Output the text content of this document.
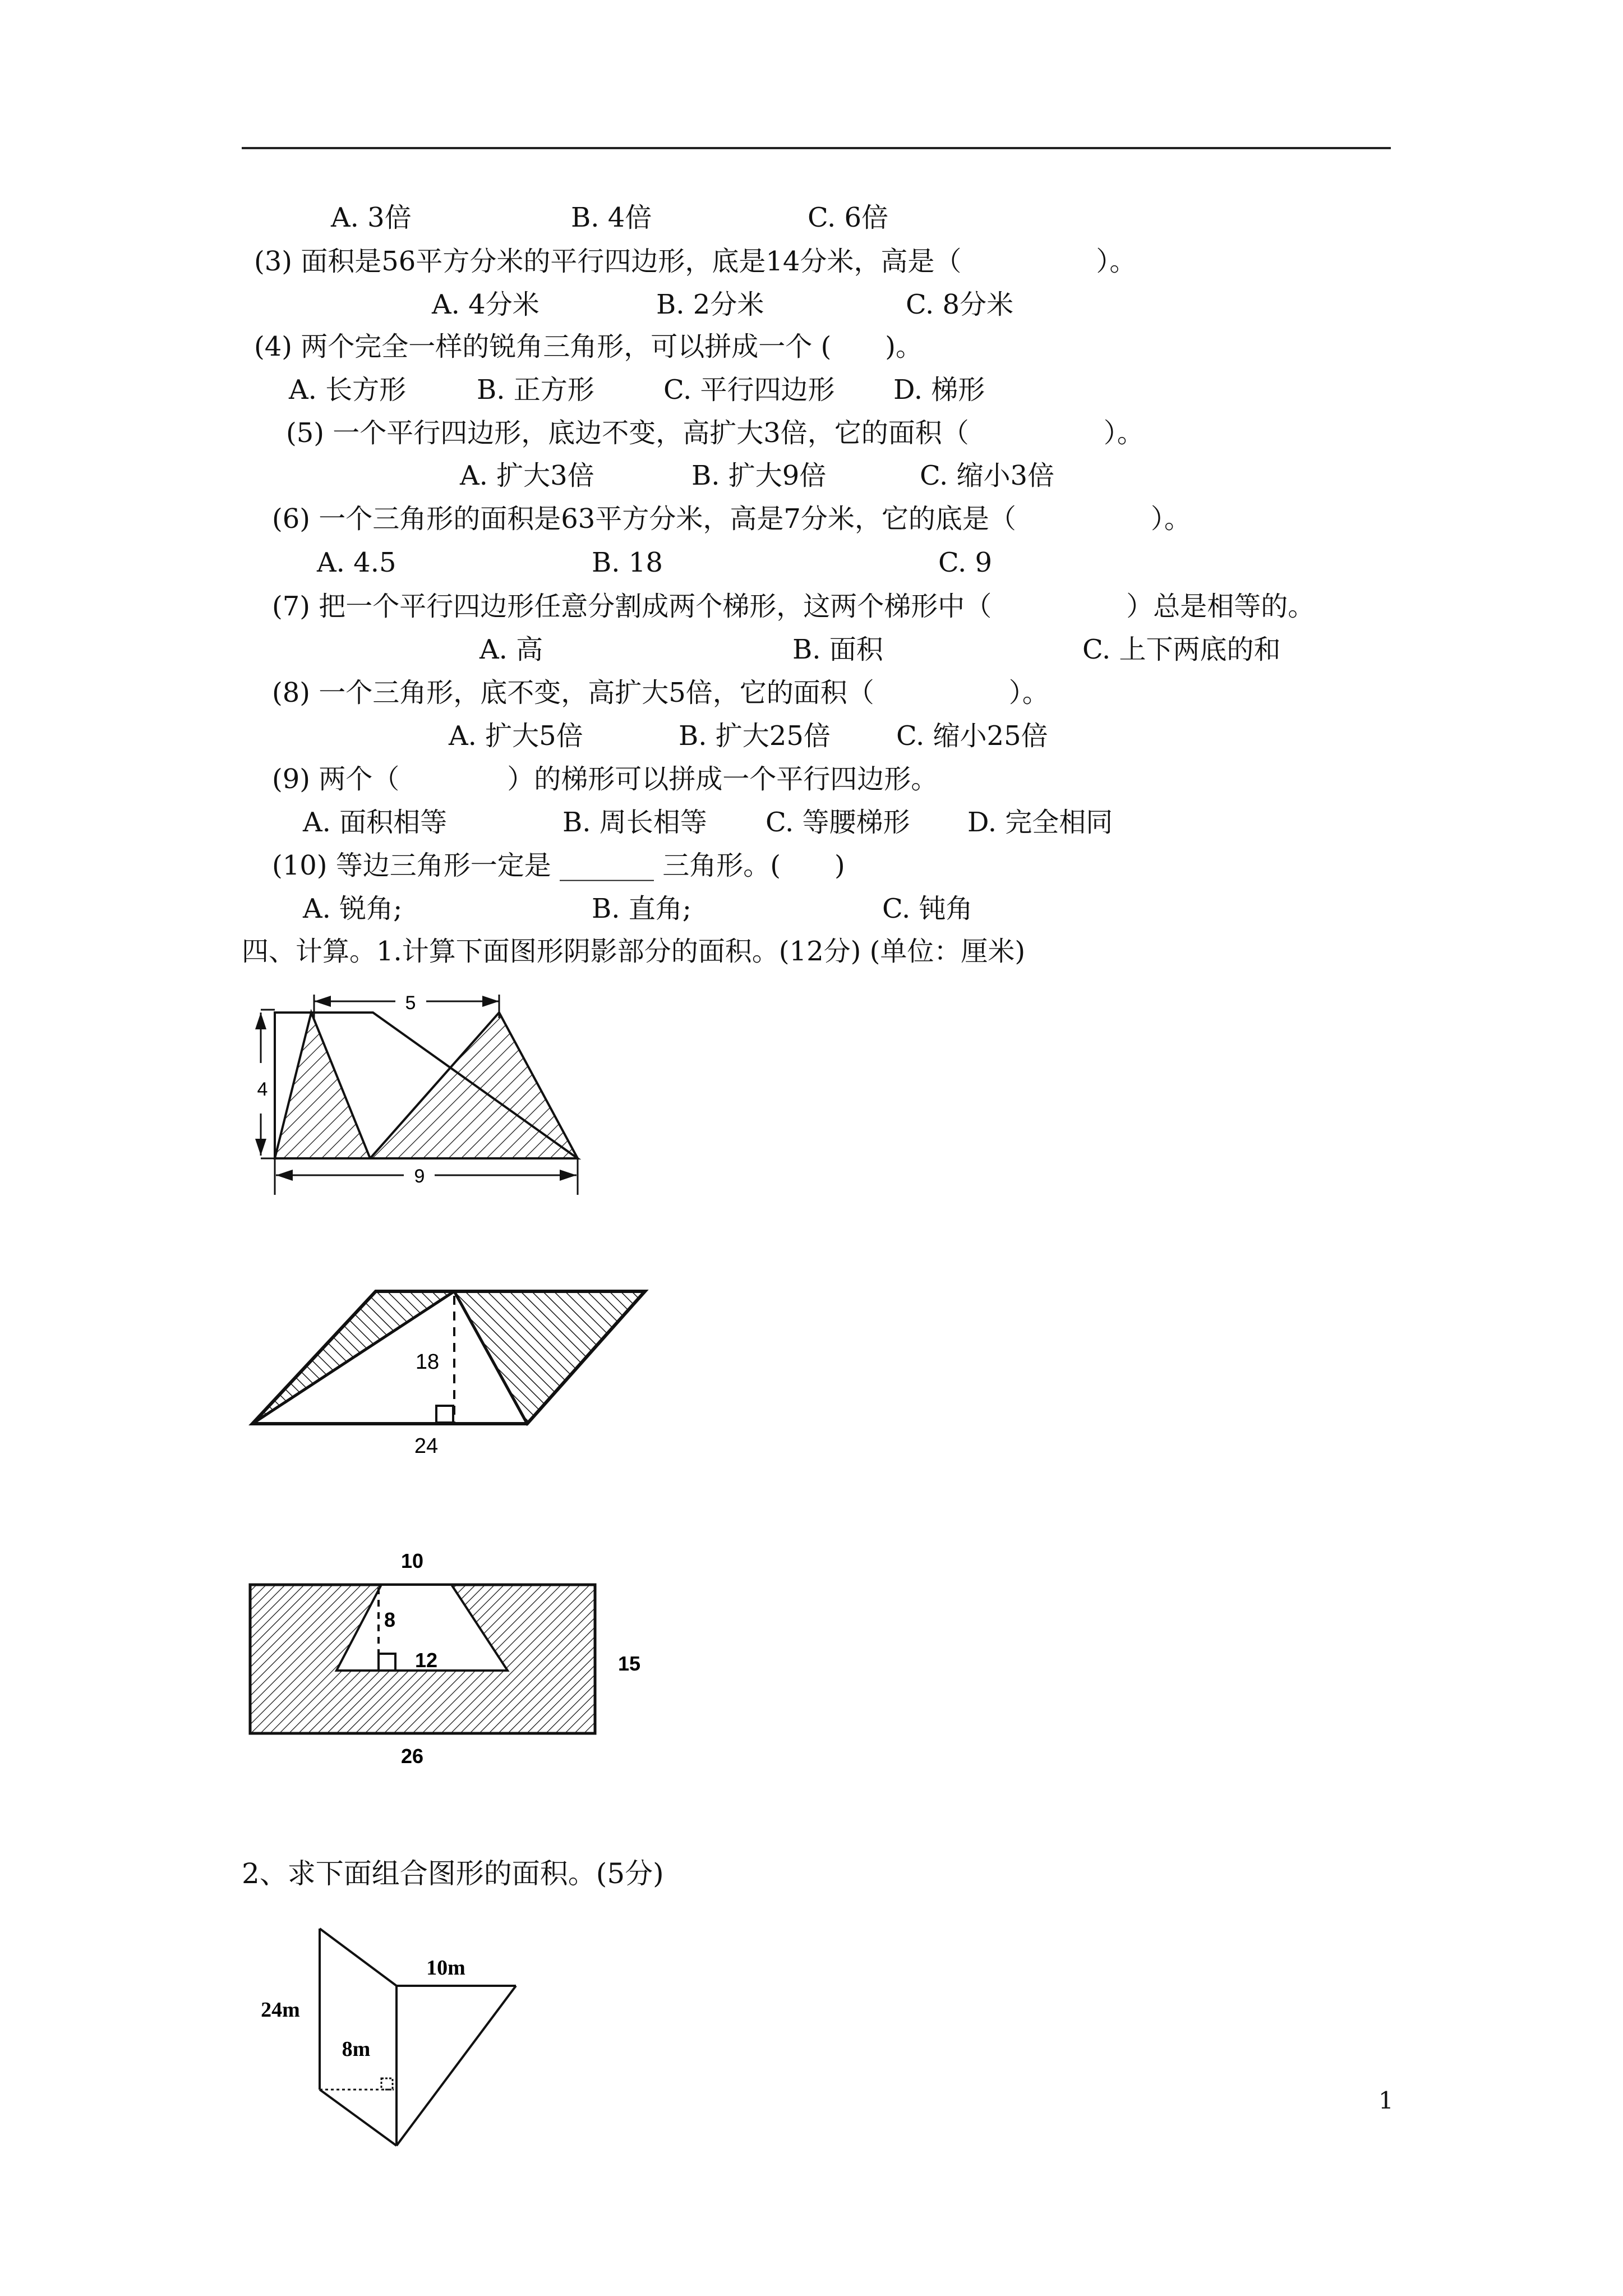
A. 3倍	B. 4倍	C. 6倍
(3) 面积是56平方分米的平行四边形，底是14分米，高是（　　　　　）。
A. 4分米	B. 2分米	C. 8分米
(4) 两个完全一样的锐角三角形，可以拼成一个 (　　)。
A. 长方形	B. 正方形	C. 平行四边形 D. 梯形
(5) 一个平行四边形，底边不变，高扩大3倍，它的面积（　　　　　）。
A. 扩大3倍	B. 扩大9倍	C. 缩小3倍
(6) 一个三角形的面积是63平方分米，高是7分米，它的底是（　　　　　）。
A. 4.5	B. 18	C. 9
(7) 把一个平行四边形任意分割成两个梯形，这两个梯形中（　　　　　）总是相等的。
A. 高	B. 面积	C. 上下两底的和
(8) 一个三角形，底不变，高扩大5倍，它的面积（　　　　　）。
A. 扩大5倍	B. 扩大25倍 C. 缩小25倍
(9) 两个（　　　　）的梯形可以拼成一个平行四边形。
A. 面积相等	B. 周长相等 C. 等腰梯形 D. 完全相同
(10) 等边三角形一定是 _______ 三角形。(　　)
A. 锐角;	B. 直角;	C. 钝角
四、计算。1.计算下面图形阴影部分的面积。(12分) (单位：厘米)
5
4
9
18
24
10
8
12	15
26
2、求下面组合图形的面积。(5分)
24m
10m
8m
1
